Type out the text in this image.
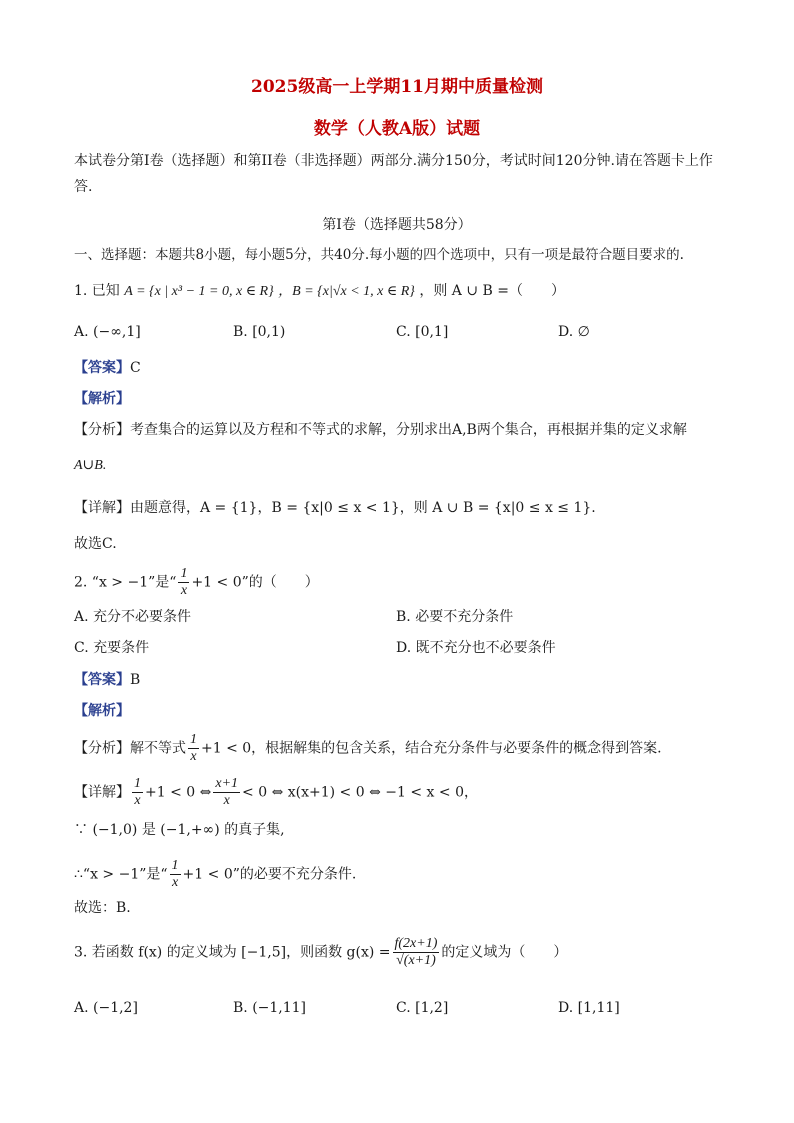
2025级高一上学期11月期中质量检测
数学（人教A版）试题
本试卷分第I卷（选择题）和第II卷（非选择题）两部分.满分150分，考试时间120分钟.请在答题卡上作答.
第I卷（选择题共58分）
一、选择题：本题共8小题，每小题5分，共40分.每小题的四个选项中，只有一项是最符合题目要求的.
1. 已知 A = {x | x³ − 1 = 0, x ∈ R} ，B = {x|√x < 1, x ∈ R} ，则 A ∪ B =（　　）
A. (−∞,1]	B. [0,1)	C. [0,1]	D. ∅
【答案】C
【解析】
【分析】考查集合的运算以及方程和不等式的求解，分别求出A,B两个集合，再根据并集的定义求解
A∪B.
【详解】由题意得，A = {1}，B = {x|0 ≤ x < 1}，则 A ∪ B = {x|0 ≤ x ≤ 1}.
故选C.
2. “x > −1”是“ $\frac{1}{x} +1 < 0$”的（　　）
A. 充分不必要条件	B. 必要不充分条件
C. 充要条件	D. 既不充分也不必要条件
【答案】B
【解析】
【分析】解不等式 $\frac{1}{x} +1 < 0$，根据解集的包含关系，结合充分条件与必要条件的概念得到答案.
【详解】 $\frac{1}{x} +1 < 0$ ⇔ $\frac{x+1}{x} < 0$ ⇔ x(x+1) < 0 ⇔ −1 < x < 0，
∵ (−1,0) 是 (−1,+∞) 的真子集,
∴“x > −1”是“ $\frac{1}{x} +1 < 0$”的必要不充分条件.
故选：B.
3. 若函数 f(x) 的定义域为 [−1,5]，则函数 $g(x) = \frac{f(2x+1)}{√(x+1)}$ 的定义域为（　　）
A. (−1,2]	B. (−1,11]	C. [1,2]	D. [1,11]
